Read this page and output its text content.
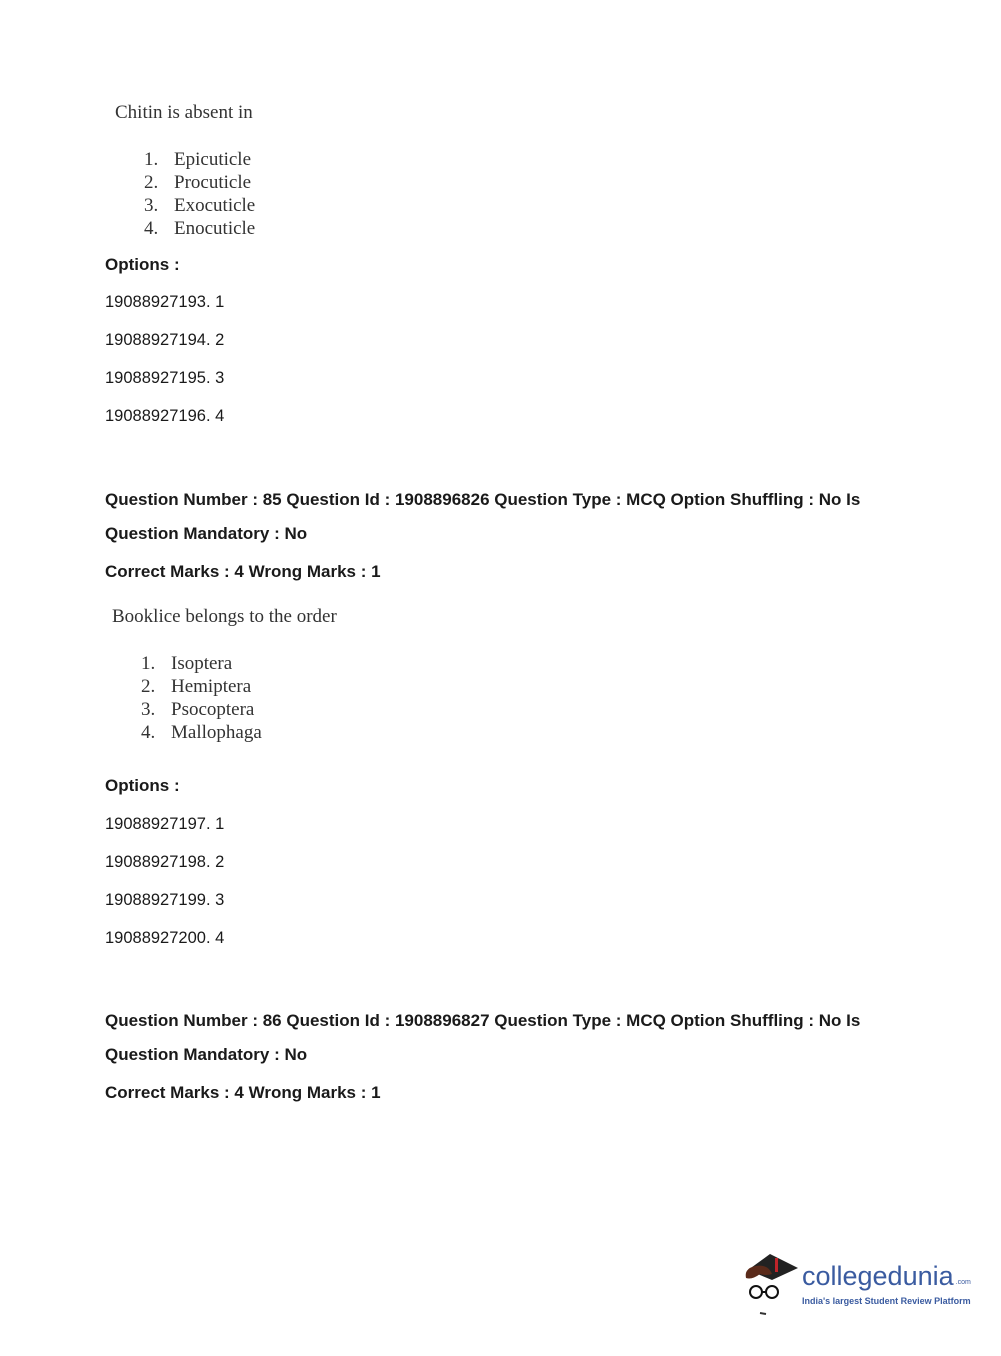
Chitin is absent in
1. Epicuticle
2. Procuticle
3. Exocuticle
4. Enocuticle
Options :
19088927193. 1
19088927194. 2
19088927195. 3
19088927196. 4
Question Number : 85 Question Id : 1908896826 Question Type : MCQ Option Shuffling : No Is
Question Mandatory : No
Correct Marks : 4 Wrong Marks : 1
Booklice belongs to the order
1. Isoptera
2. Hemiptera
3. Psocoptera
4. Mallophaga
Options :
19088927197. 1
19088927198. 2
19088927199. 3
19088927200. 4
Question Number : 86 Question Id : 1908896827 Question Type : MCQ Option Shuffling : No Is
Question Mandatory : No
Correct Marks : 4 Wrong Marks : 1
collegedunia .com
India's largest Student Review Platform
